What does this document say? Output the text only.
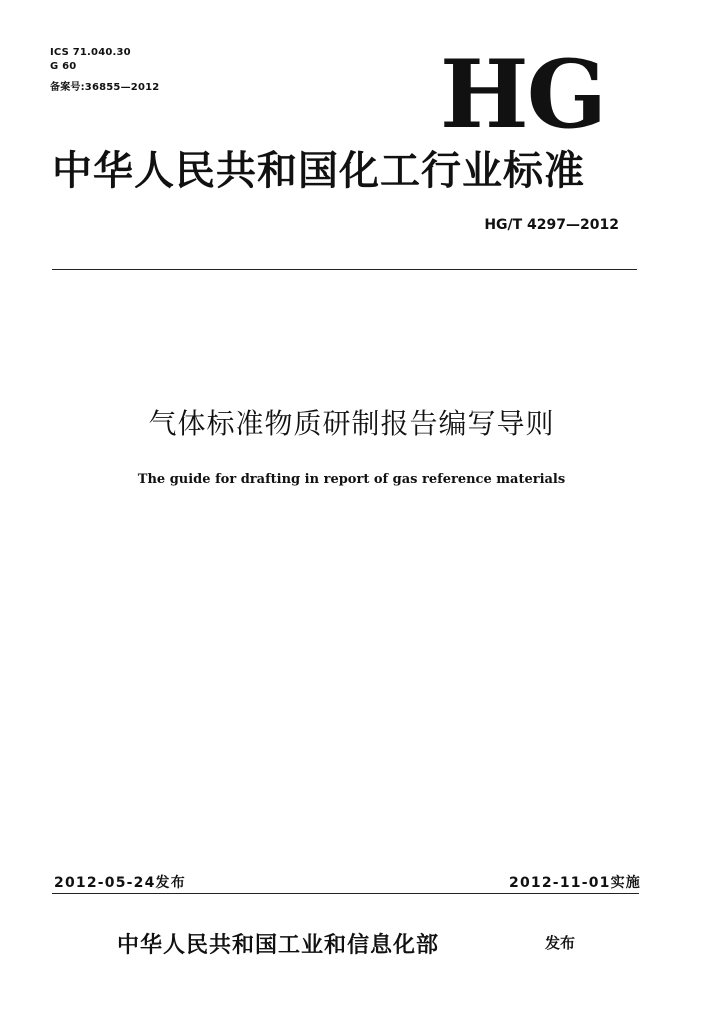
ICS 71.040.30
G 60
备案号:36855—2012	HG
中华人民共和国化工行业标准
HG/T 4297—2012
气体标准物质研制报告编写导则
The guide for drafting in report of gas reference materials
2012-05-24发布	2012-11-01实施
中华人民共和国工业和信息化部	发布
